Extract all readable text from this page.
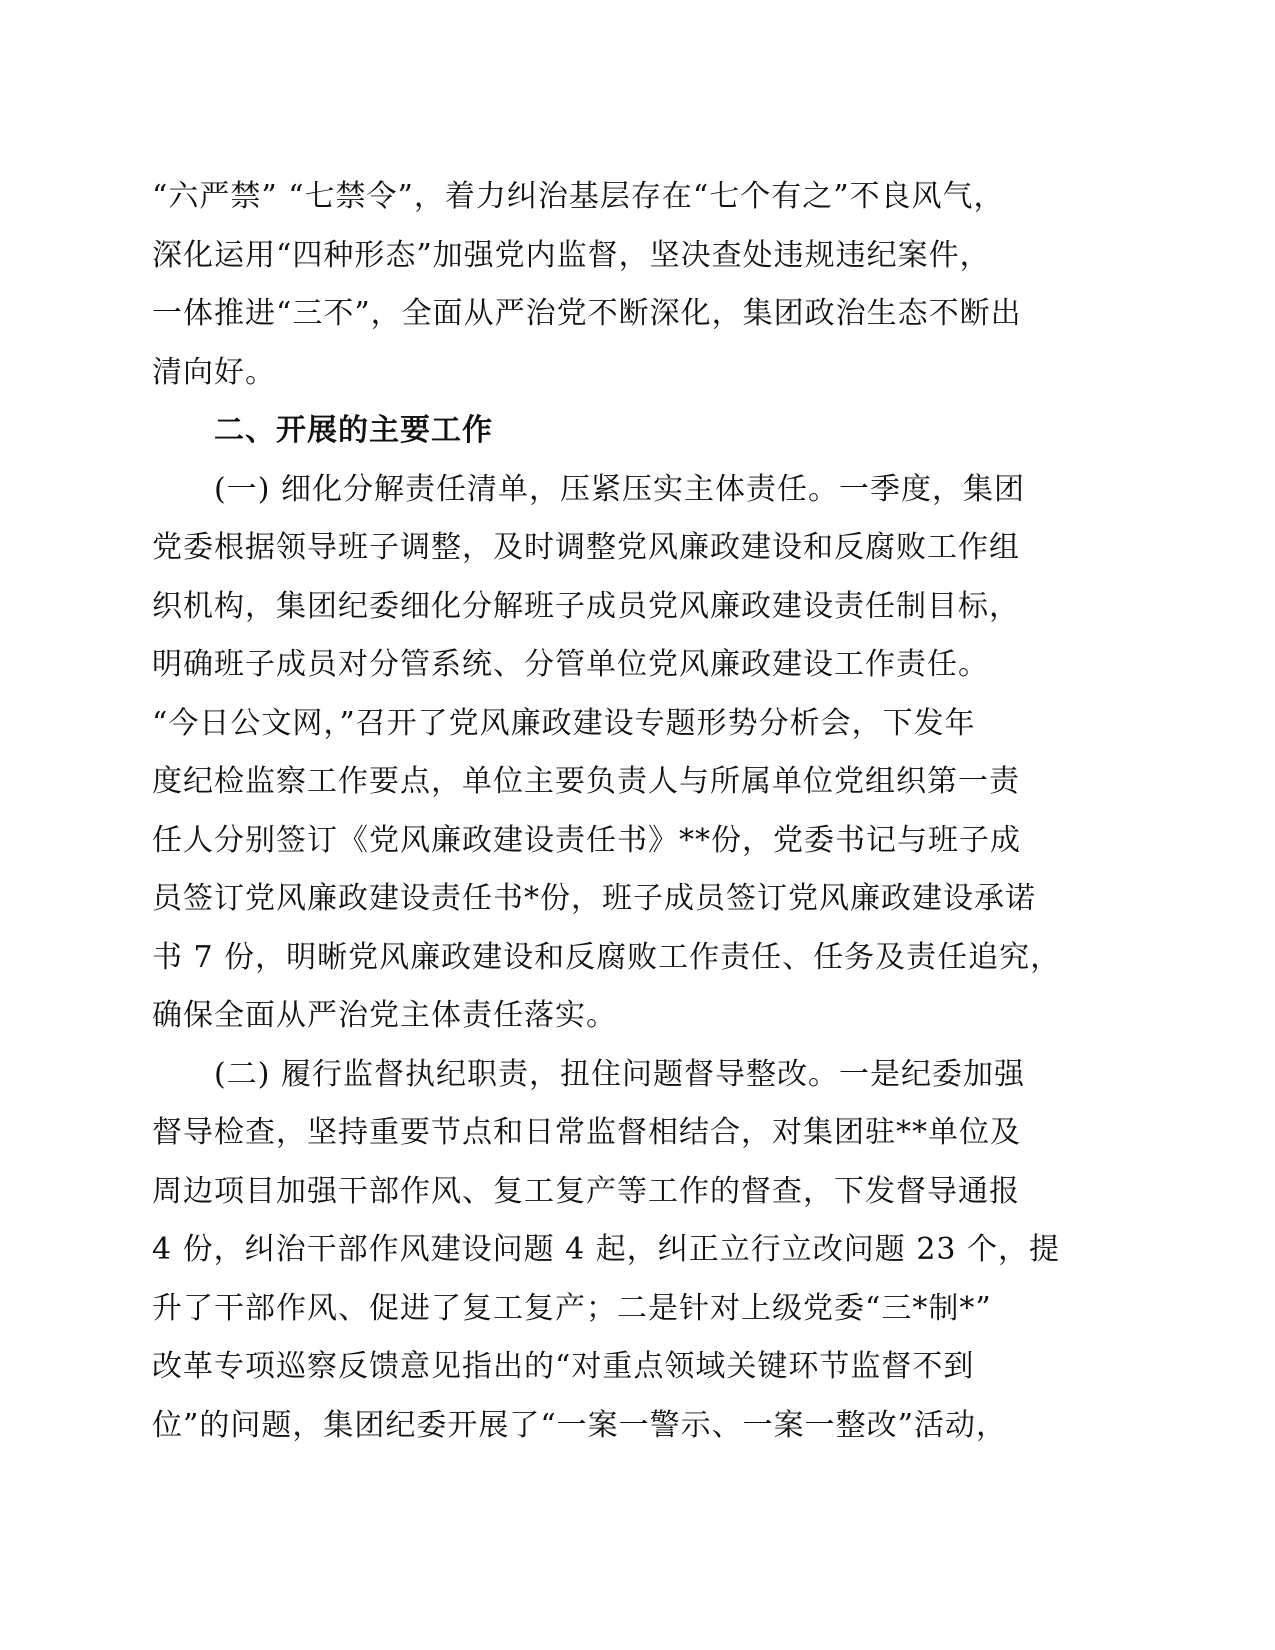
“六严禁” “七禁令”，着力纠治基层存在“七个有之”不良风气，
深化运用“四种形态”加强党内监督，坚决查处违规违纪案件，
一体推进“三不”，全面从严治党不断深化，集团政治生态不断出
清向好。
二、开展的主要工作
(一) 细化分解责任清单，压紧压实主体责任。一季度，集团
党委根据领导班子调整，及时调整党风廉政建设和反腐败工作组
织机构，集团纪委细化分解班子成员党风廉政建设责任制目标，
明确班子成员对分管系统、分管单位党风廉政建设工作责任。
“今日公文网，”召开了党风廉政建设专题形势分析会，下发年
度纪检监察工作要点，单位主要负责人与所属单位党组织第一责
任人分别签订《党风廉政建设责任书》**份，党委书记与班子成
员签订党风廉政建设责任书*份，班子成员签订党风廉政建设承诺
书 7 份，明晰党风廉政建设和反腐败工作责任、任务及责任追究，
确保全面从严治党主体责任落实。
(二) 履行监督执纪职责，扭住问题督导整改。一是纪委加强
督导检查，坚持重要节点和日常监督相结合，对集团驻**单位及
周边项目加强干部作风、复工复产等工作的督查，下发督导通报
4 份，纠治干部作风建设问题 4 起，纠正立行立改问题 23 个，提
升了干部作风、促进了复工复产；二是针对上级党委“三*制*”
改革专项巡察反馈意见指出的“对重点领域关键环节监督不到
位”的问题，集团纪委开展了“一案一警示、一案一整改”活动，
